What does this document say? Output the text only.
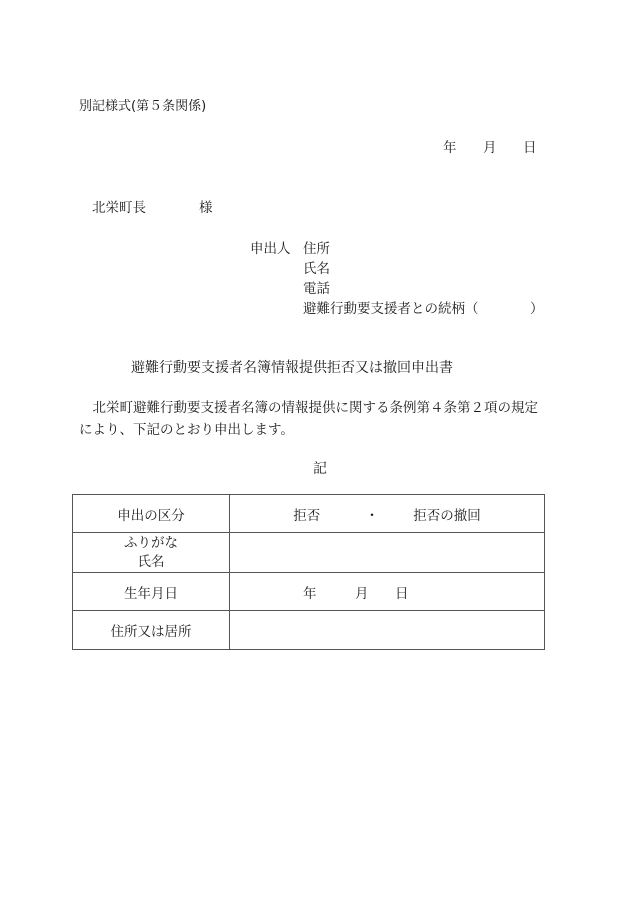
別記様式(第５条関係)
年 月 日
北栄町長	様
申出人 住所
氏名
電話
避難行動要支援者との続柄（	）
避難行動要支援者名簿情報提供拒否又は撤回申出書
　北栄町避難行動要支援者名簿の情報提供に関する条例第４条第２項の規定により、下記のとおり申出します。
記
申出の区分	拒否 ・ 拒否の撤回

ふりがな
氏名	

生年月日	年 月 日
住所又は居所	
